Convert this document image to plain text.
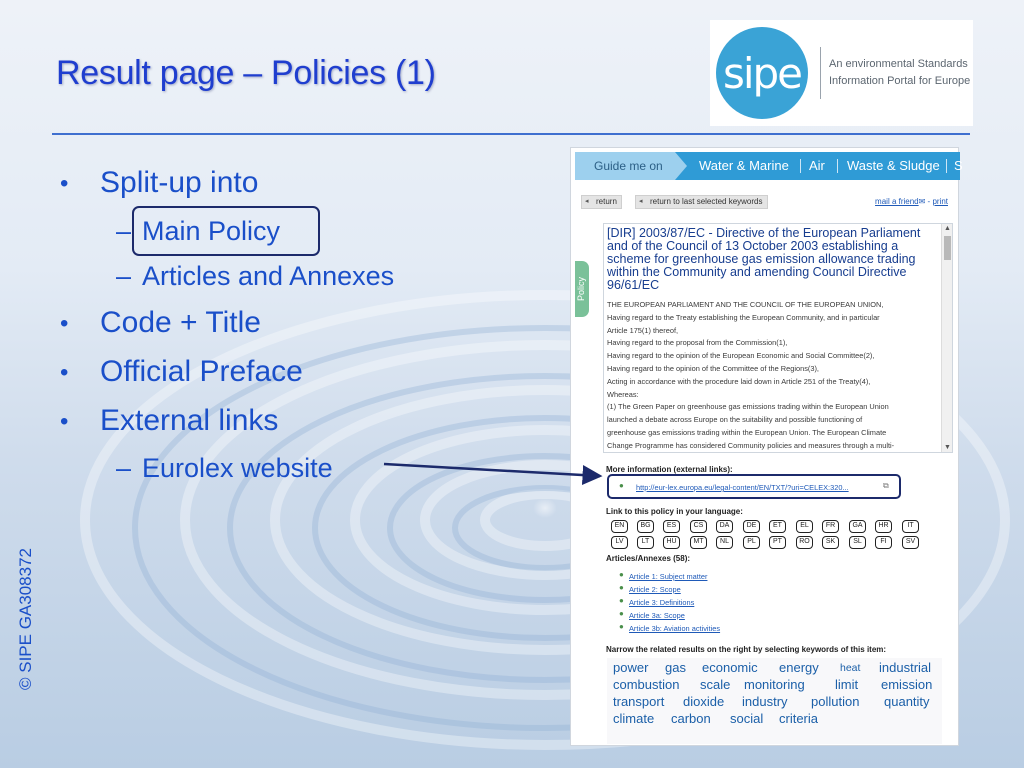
Result page – Policies (1)	sipe	An environmental Standards
Information Portal for Europe
• Split-up into
– Main Policy
– Articles and Annexes
• Code + Title
• Official Preface
• External links
– Eurolex website
© SIPE GA308372
Guide me on	Water & Marine Air Waste & Sludge S
◂ return	◂ return to last selected keywords	mail a friend✉ - print
Policy
[DIR] 2003/87/EC - Directive of the European Parliament and of the Council of 13 October 2003 establishing a scheme for greenhouse gas emission allowance trading within the Community and amending Council Directive 96/61/EC
THE EUROPEAN PARLIAMENT AND THE COUNCIL OF THE EUROPEAN UNION,
Having regard to the Treaty establishing the European Community, and in particular
Article 175(1) thereof,
Having regard to the proposal from the Commission(1),
Having regard to the opinion of the European Economic and Social Committee(2),
Having regard to the opinion of the Committee of the Regions(3),
Acting in accordance with the procedure laid down in Article 251 of the Treaty(4),
Whereas:
(1) The Green Paper on greenhouse gas emissions trading within the European Union
launched a debate across Europe on the suitability and possible functioning of
greenhouse gas emissions trading within the European Union. The European Climate
Change Programme has considered Community policies and measures through a multi-
▲
▼
More information (external links):
● http://eur-lex.europa.eu/legal-content/EN/TXT/?uri=CELEX:320...	⧉
Link to this policy in your language:
EN	BG	ES	CS	DA	DE	ET	EL	FR	GA	HR	IT
LV	LT	HU	MT	NL	PL	PT	RO	SK	SL	FI	SV
Articles/Annexes (58):
● Article 1: Subject matter
● Article 2: Scope
● Article 3: Definitions
● Article 3a: Scope
● Article 3b: Aviation activities
Narrow the related results on the right by selecting keywords of this item:
power gas economic energy heat industrial
combustion scale monitoring limit emission
transport dioxide industry pollution quantity
climate carbon social criteria
